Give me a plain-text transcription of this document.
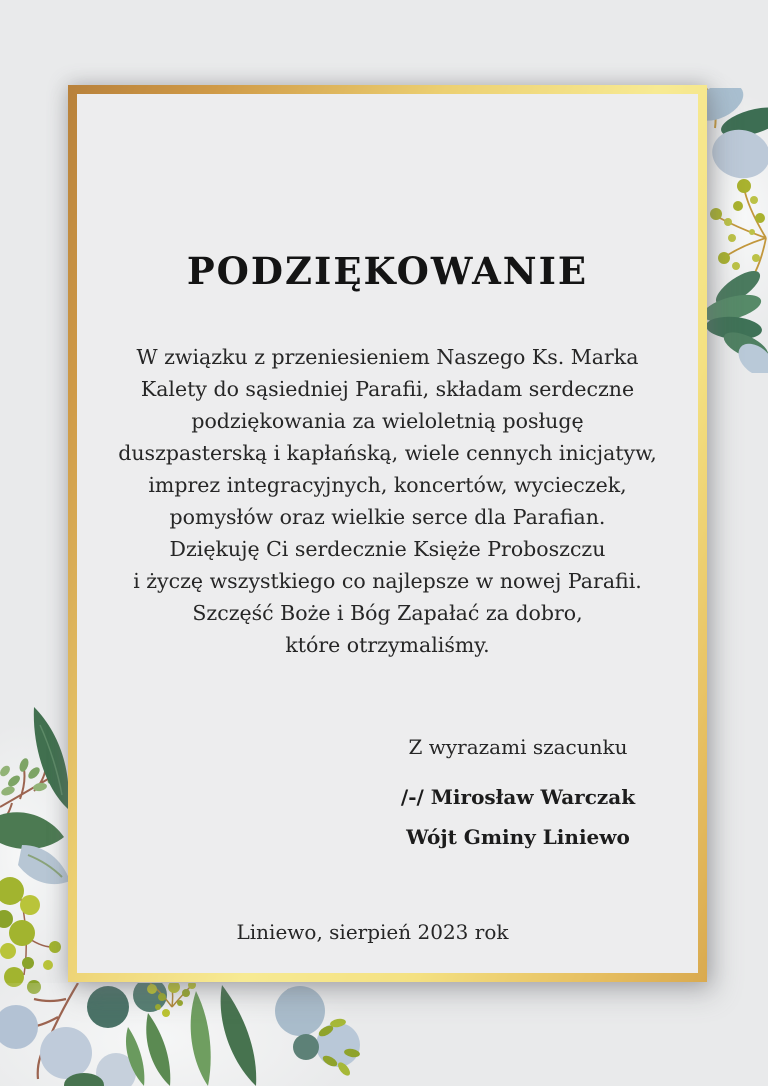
PODZIĘKOWANIE
W związku z przeniesieniem Naszego Ks. Marka
Kalety do sąsiedniej Parafii, składam serdeczne
podziękowania za wieloletnią posługę
duszpasterską i kapłańską, wiele cennych inicjatyw,
imprez integracyjnych, koncertów, wycieczek,
pomysłów oraz wielkie serce dla Parafian.
Dziękuję Ci serdecznie Księże Proboszczu
i życzę wszystkiego co najlepsze w nowej Parafii.
Szczęść Boże i Bóg Zapałać za dobro,
które otrzymaliśmy.
Z wyrazami szacunku
/-/ Mirosław Warczak
Wójt Gminy Liniewo
Liniewo, sierpień 2023 rok
